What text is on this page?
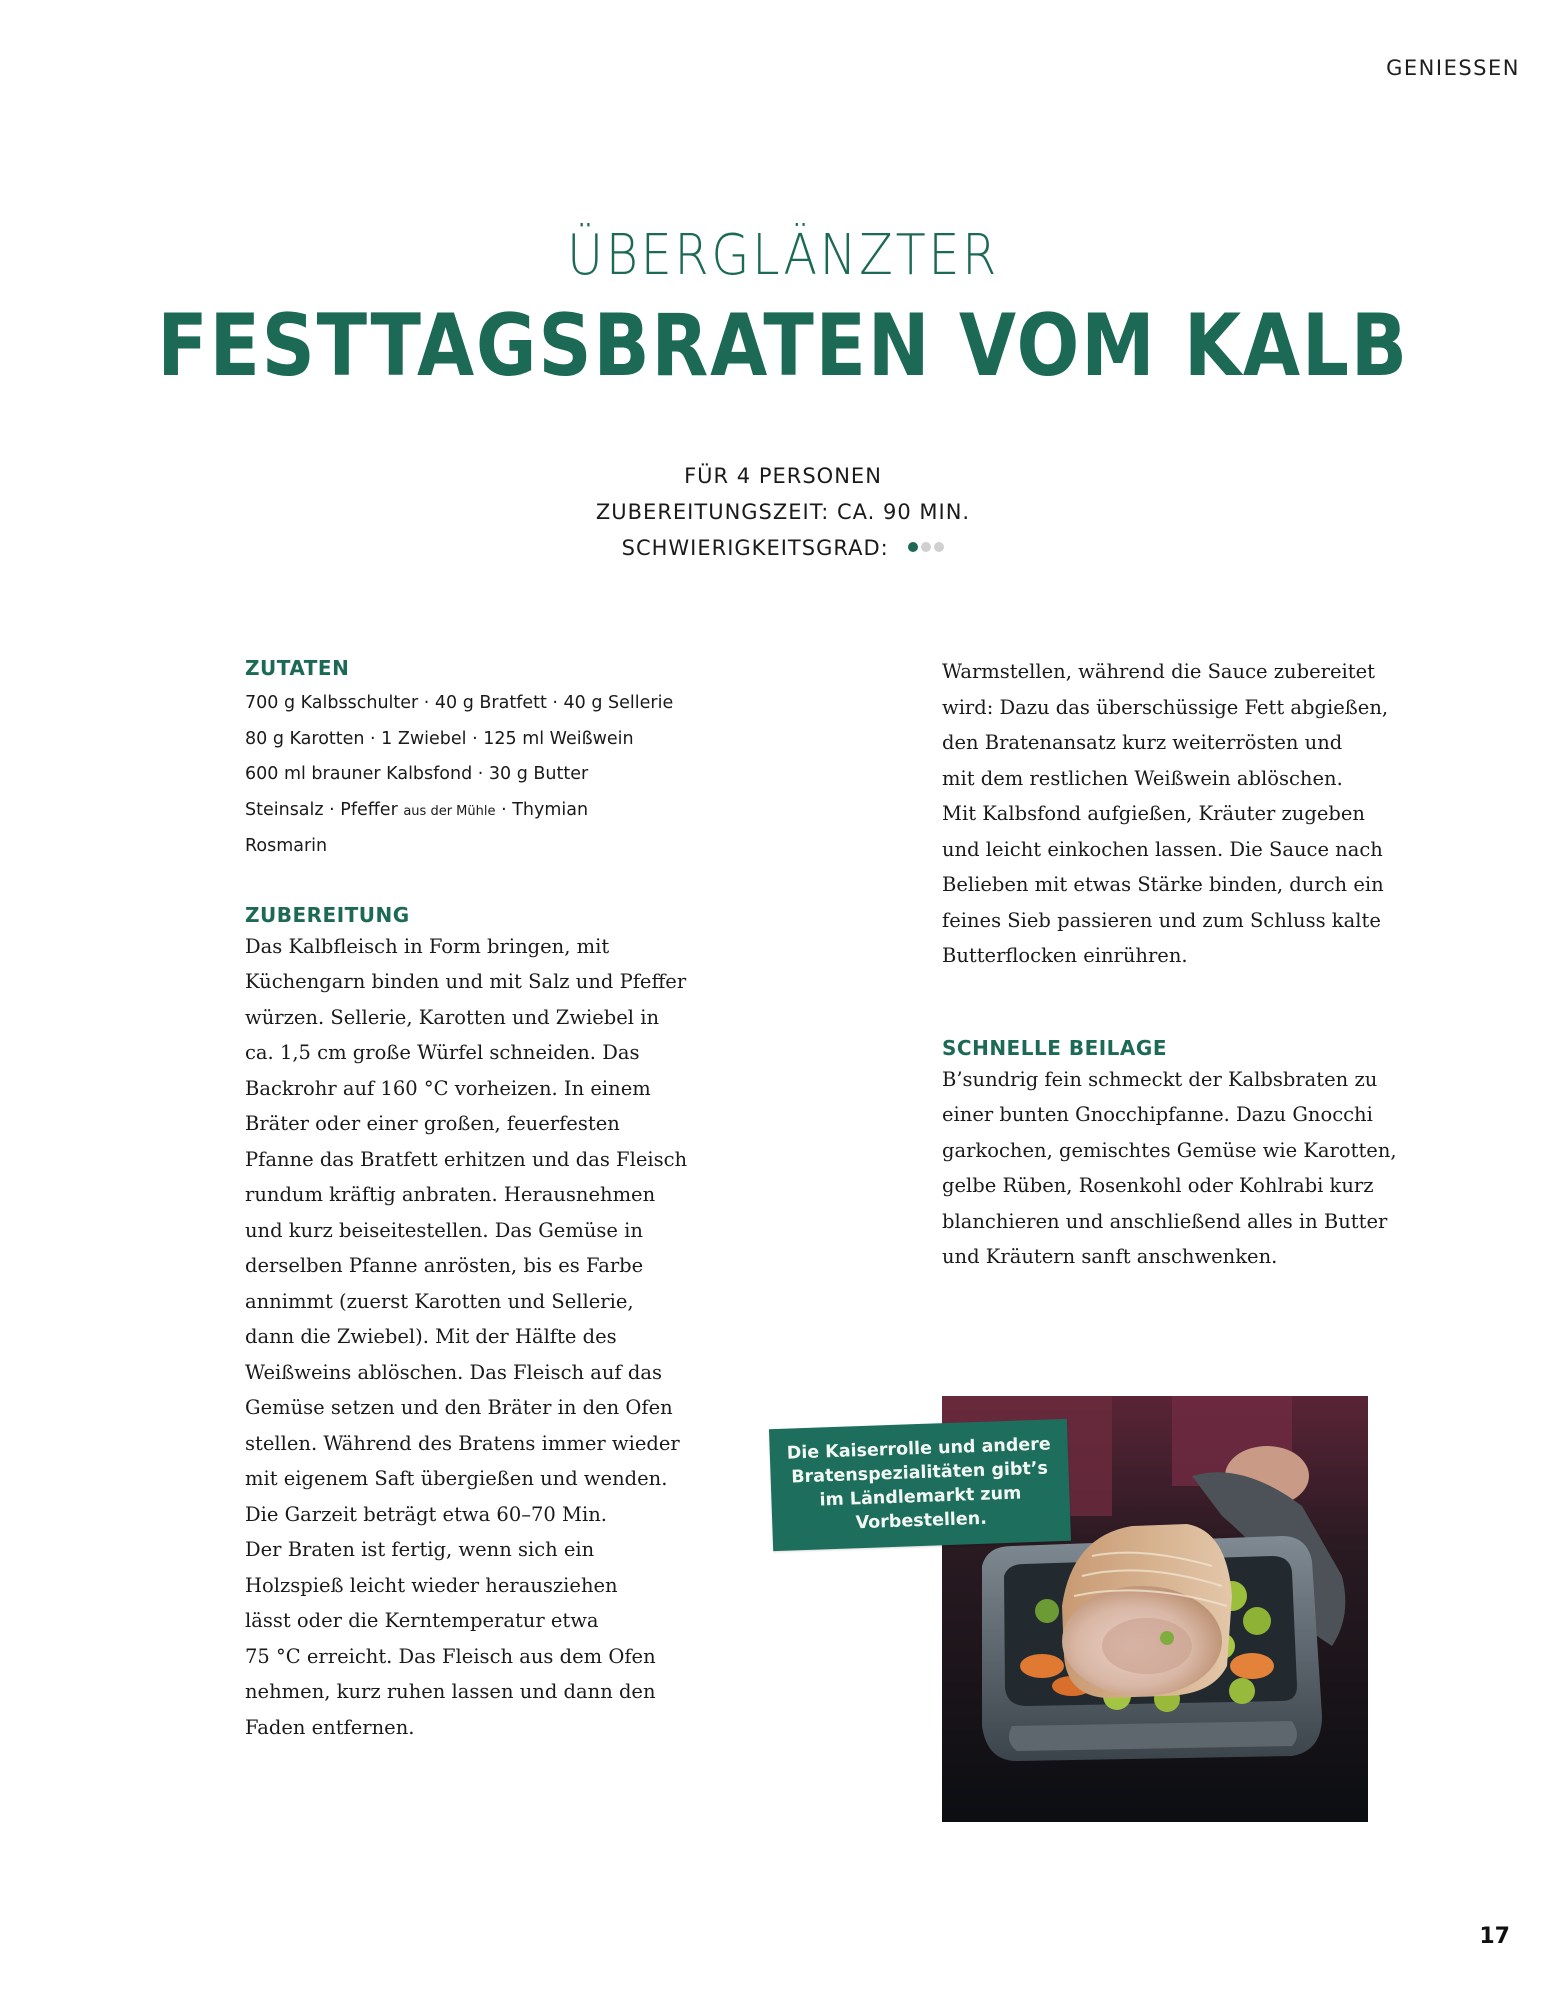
GENIESSEN
ÜBERGLÄNZTER
FESTTAGSBRATEN VOM KALB
FÜR 4 PERSONEN
ZUBEREITUNGSZEIT: CA. 90 MIN.
SCHWIERIGKEITSGRAD:
ZUTATEN
700 g Kalbsschulter · 40 g Bratfett · 40 g Sellerie
80 g Karotten · 1 Zwiebel · 125 ml Weißwein
600 ml brauner Kalbsfond · 30 g Butter
Steinsalz · Pfeffer aus der Mühle · Thymian
Rosmarin
ZUBEREITUNG

Das Kalbfleisch in Form bringen, mit
Küchengarn binden und mit Salz und Pfeffer
würzen. Sellerie, Karotten und Zwiebel in
ca. 1,5 cm große Würfel schneiden. Das
Backrohr auf 160 °C vorheizen. In einem
Bräter oder einer großen, feuerfesten
Pfanne das Bratfett erhitzen und das Fleisch
rundum kräftig anbraten. Herausnehmen
und kurz beiseitestellen. Das Gemüse in
derselben Pfanne anrösten, bis es Farbe
annimmt (zuerst Karotten und Sellerie,
dann die Zwiebel). Mit der Hälfte des
Weißweins ablöschen. Das Fleisch auf das
Gemüse setzen und den Bräter in den Ofen
stellen. Während des Bratens immer wieder
mit eigenem Saft übergießen und wenden.
Die Garzeit beträgt etwa 60–70 Min.
Der Braten ist fertig, wenn sich ein
Holzspieß leicht wieder herausziehen
lässt oder die Kerntemperatur etwa
75 °C erreicht. Das Fleisch aus dem Ofen
nehmen, kurz ruhen lassen und dann den
Faden entfernen.

Warmstellen, während die Sauce zubereitet
wird: Dazu das überschüssige Fett abgießen,
den Bratenansatz kurz weiterrösten und
mit dem restlichen Weißwein ablöschen.
Mit Kalbsfond aufgießen, Kräuter zugeben
und leicht einkochen lassen. Die Sauce nach
Belieben mit etwas Stärke binden, durch ein
feines Sieb passieren und zum Schluss kalte
Butterflocken einrühren.

SCHNELLE BEILAGE

B’sundrig fein schmeckt der Kalbsbraten zu
einer bunten Gnocchipfanne. Dazu Gnocchi
garkochen, gemischtes Gemüse wie Karotten,
gelbe Rüben, Rosenkohl oder Kohlrabi kurz
blanchieren und anschließend alles in Butter
und Kräutern sanft anschwenken.

Die Kaiserrolle und andere
Bratenspezialitäten gibt’s
im Ländlemarkt zum
Vorbestellen.
17
